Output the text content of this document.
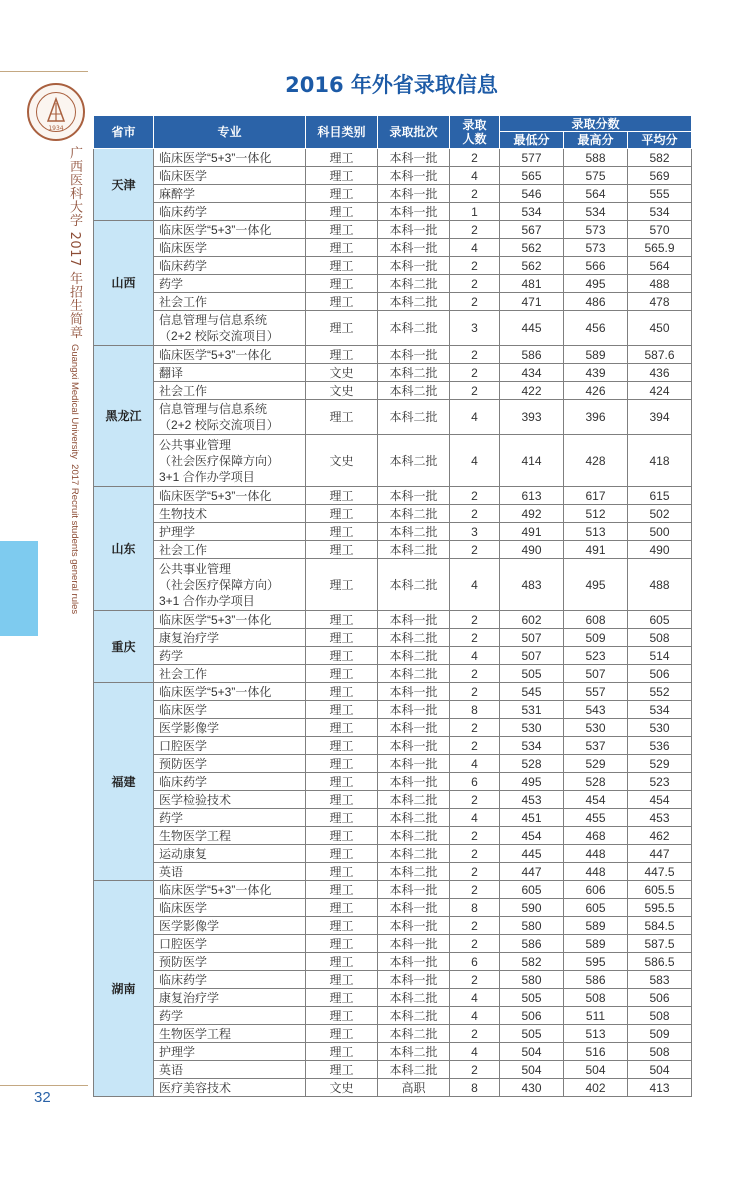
1934
广西医科大学 2017 年招生简章 Guangxi Medical University 2017 Recruit students general rules
2016 年外省录取信息
省市	专业	科目类别	录取批次	录取人数	录取分数		
					最低分	最高分	平均分
天津	临床医学“5+3”一体化	理工	本科一批	2	577	588	582

	临床医学	理工	本科一批	4	565	575	569

	麻醉学	理工	本科一批	2	546	564	555

	临床药学	理工	本科一批	1	534	534	534
山西	临床医学“5+3”一体化	理工	本科一批	2	567	573	570

	临床医学	理工	本科一批	4	562	573	565.9

	临床药学	理工	本科一批	2	562	566	564

	药学	理工	本科二批	2	481	495	488

	社会工作	理工	本科二批	2	471	486	478

	信息管理与信息系统
（2+2 校际交流项目）	理工	本科二批	3	445	456	450
黑龙江	临床医学“5+3”一体化	理工	本科一批	2	586	589	587.6

	翻译	文史	本科二批	2	434	439	436

	社会工作	文史	本科二批	2	422	426	424

	信息管理与信息系统
（2+2 校际交流项目）	理工	本科二批	4	393	396	394

	公共事业管理
（社会医疗保障方向）
3+1 合作办学项目	文史	本科二批	4	414	428	418
山东	临床医学“5+3”一体化	理工	本科一批	2	613	617	615

	生物技术	理工	本科二批	2	492	512	502

	护理学	理工	本科二批	3	491	513	500

	社会工作	理工	本科二批	2	490	491	490

	公共事业管理
（社会医疗保障方向）
3+1 合作办学项目	理工	本科二批	4	483	495	488
重庆	临床医学“5+3”一体化	理工	本科一批	2	602	608	605

	康复治疗学	理工	本科二批	2	507	509	508

	药学	理工	本科二批	4	507	523	514

	社会工作	理工	本科二批	2	505	507	506
福建	临床医学“5+3”一体化	理工	本科一批	2	545	557	552

	临床医学	理工	本科一批	8	531	543	534

	医学影像学	理工	本科一批	2	530	530	530

	口腔医学	理工	本科一批	2	534	537	536

	预防医学	理工	本科一批	4	528	529	529

	临床药学	理工	本科一批	6	495	528	523

	医学检验技术	理工	本科二批	2	453	454	454

	药学	理工	本科二批	4	451	455	453

	生物医学工程	理工	本科二批	2	454	468	462

	运动康复	理工	本科二批	2	445	448	447

	英语	理工	本科二批	2	447	448	447.5
湖南	临床医学“5+3”一体化	理工	本科一批	2	605	606	605.5

	临床医学	理工	本科一批	8	590	605	595.5

	医学影像学	理工	本科一批	2	580	589	584.5

	口腔医学	理工	本科一批	2	586	589	587.5

	预防医学	理工	本科一批	6	582	595	586.5

	临床药学	理工	本科一批	2	580	586	583

	康复治疗学	理工	本科二批	4	505	508	506

	药学	理工	本科二批	4	506	511	508

	生物医学工程	理工	本科二批	2	505	513	509

	护理学	理工	本科二批	4	504	516	508

	英语	理工	本科二批	2	504	504	504

	医疗美容技术	文史	高职	8	430	402	413
32
